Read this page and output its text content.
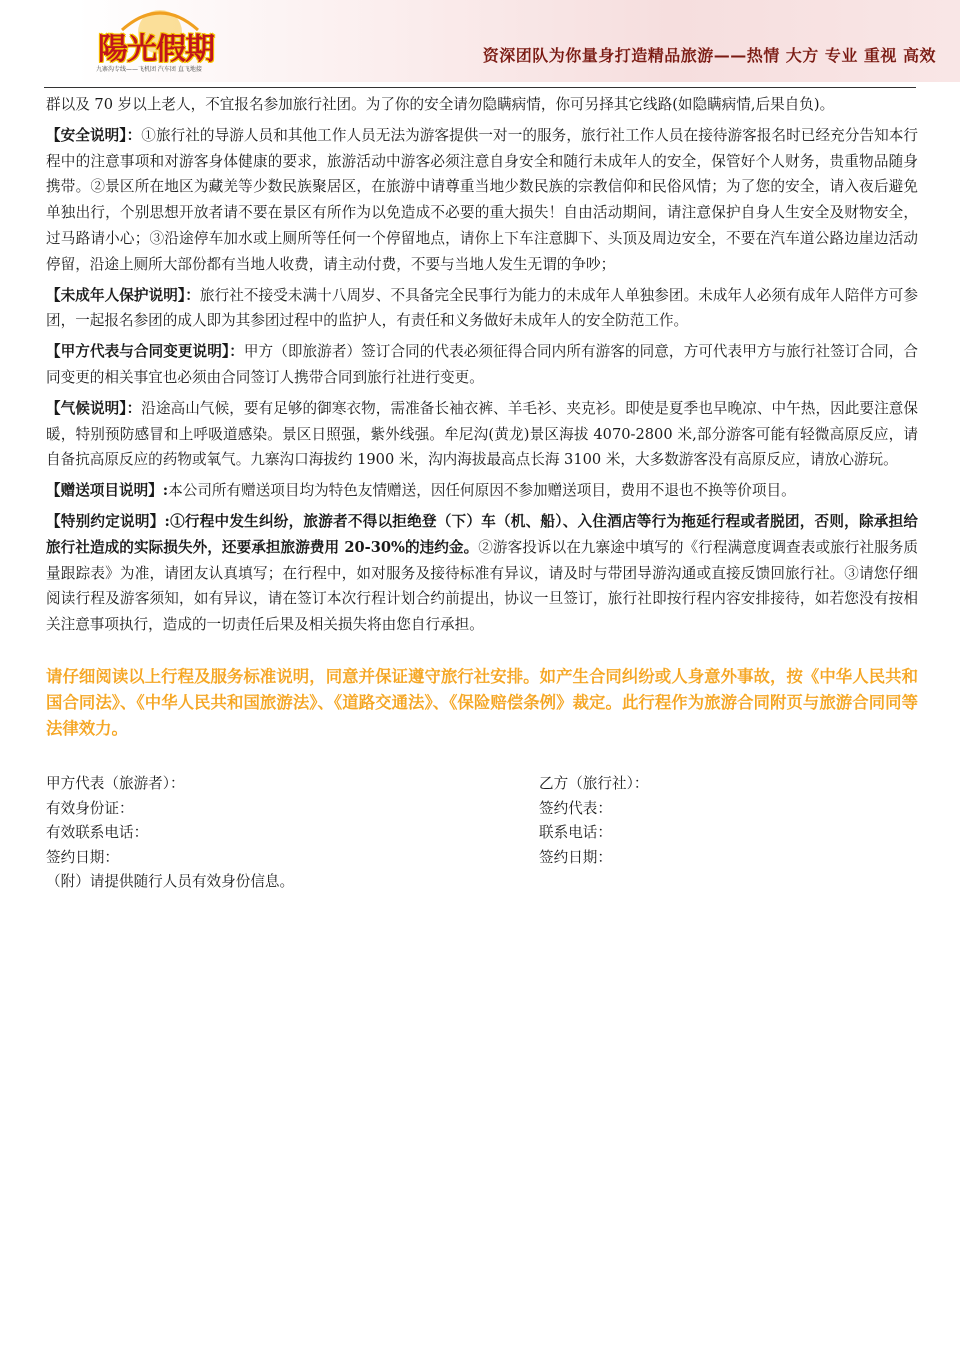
陽光假期
九寨沟专线——飞机团 汽车团 直飞地接
资深团队为你量身打造精品旅游——热情 大方 专业 重视 高效

群以及 70 岁以上老人，不宜报名参加旅行社团。为了你的安全请勿隐瞒病情，你可另择其它线路(如隐瞒病情,后果自负)。

【安全说明】：①旅行社的导游人员和其他工作人员无法为游客提供一对一的服务，旅行社工作人员在接待游客报名时已经充分告知本行程中的注意事项和对游客身体健康的要求，旅游活动中游客必须注意自身安全和随行未成年人的安全，保管好个人财务，贵重物品随身携带。②景区所在地区为藏羌等少数民族聚居区，在旅游中请尊重当地少数民族的宗教信仰和民俗风情；为了您的安全，请入夜后避免单独出行，个别思想开放者请不要在景区有所作为以免造成不必要的重大损失！自由活动期间，请注意保护自身人生安全及财物安全，过马路请小心；③沿途停车加水或上厕所等任何一个停留地点，请你上下车注意脚下、头顶及周边安全，不要在汽车道公路边崖边活动停留，沿途上厕所大部份都有当地人收费，请主动付费，不要与当地人发生无谓的争吵；

【未成年人保护说明】：旅行社不接受未满十八周岁、不具备完全民事行为能力的未成年人单独参团。未成年人必须有成年人陪伴方可参团，一起报名参团的成人即为其参团过程中的监护人，有责任和义务做好未成年人的安全防范工作。

【甲方代表与合同变更说明】：甲方（即旅游者）签订合同的代表必须征得合同内所有游客的同意，方可代表甲方与旅行社签订合同，合同变更的相关事宜也必须由合同签订人携带合同到旅行社进行变更。

【气候说明】：沿途高山气候，要有足够的御寒衣物，需准备长袖衣裤、羊毛衫、夹克衫。即使是夏季也早晚凉、中午热，因此要注意保暖，特别预防感冒和上呼吸道感染。景区日照强，紫外线强。牟尼沟(黄龙)景区海拔 4070-2800 米,部分游客可能有轻微高原反应，请自备抗高原反应的药物或氧气。九寨沟口海拔约 1900 米，沟内海拔最高点长海 3100 米，大多数游客没有高原反应，请放心游玩。

【赠送项目说明】:本公司所有赠送项目均为特色友情赠送，因任何原因不参加赠送项目，费用不退也不换等价项目。

【特别约定说明】:①行程中发生纠纷，旅游者不得以拒绝登（下）车（机、船）、入住酒店等行为拖延行程或者脱团，否则，除承担给旅行社造成的实际损失外，还要承担旅游费用 20-30%的违约金。②游客投诉以在九寨途中填写的《行程满意度调查表或旅行社服务质量跟踪表》为准，请团友认真填写；在行程中，如对服务及接待标准有异议，请及时与带团导游沟通或直接反馈回旅行社。③请您仔细阅读行程及游客须知，如有异议，请在签订本次行程计划合约前提出，协议一旦签订，旅行社即按行程内容安排接待，如若您没有按相关注意事项执行，造成的一切责任后果及相关损失将由您自行承担。

请仔细阅读以上行程及服务标准说明，同意并保证遵守旅行社安排。如产生合同纠纷或人身意外事故，按《中华人民共和国合同法》、《中华人民共和国旅游法》、《道路交通法》、《保险赔偿条例》裁定。此行程作为旅游合同附页与旅游合同同等法律效力。

甲方代表（旅游者）：
有效身份证：
有效联系电话：
签约日期：
（附）请提供随行人员有效身份信息。
乙方（旅行社）：
签约代表：
联系电话：
签约日期：
